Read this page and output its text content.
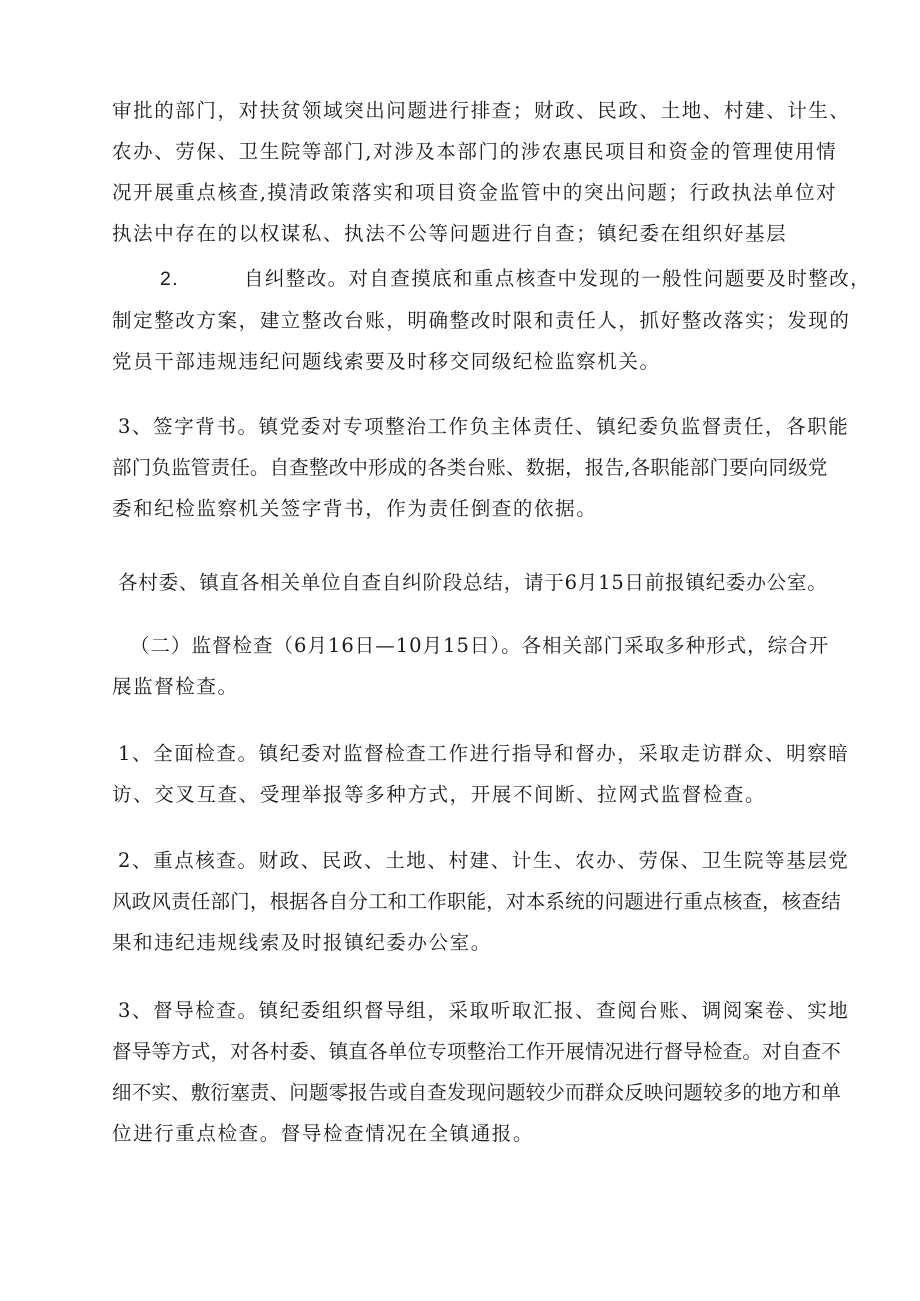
审批的部门，对扶贫领域突出问题进行排查；财政、民政、土地、村建、计生、
农办、劳保、卫生院等部门,对涉及本部门的涉农惠民项目和资金的管理使用情
况开展重点核查,摸清政策落实和项目资金监管中的突出问题；行政执法单位对
执法中存在的以权谋私、执法不公等问题进行自查；镇纪委在组织好基层
2.	自纠整改。对自查摸底和重点核查中发现的一般性问题要及时整改，
制定整改方案，建立整改台账，明确整改时限和责任人，抓好整改落实；发现的
党员干部违规违纪问题线索要及时移交同级纪检监察机关。
3、签字背书。镇党委对专项整治工作负主体责任、镇纪委负监督责任，各职能
部门负监管责任。自查整改中形成的各类台账、数据，报告,各职能部门要向同级党
委和纪检监察机关签字背书，作为责任倒查的依据。
各村委、镇直各相关单位自查自纠阶段总结，请于6月15日前报镇纪委办公室。
（二）监督检查（6月16日—10月15日）。各相关部门采取多种形式，综合开
展监督检查。
1、全面检查。镇纪委对监督检查工作进行指导和督办，采取走访群众、明察暗
访、交叉互查、受理举报等多种方式，开展不间断、拉网式监督检查。
2、重点核查。财政、民政、土地、村建、计生、农办、劳保、卫生院等基层党
风政风责任部门，根据各自分工和工作职能，对本系统的问题进行重点核查，核查结
果和违纪违规线索及时报镇纪委办公室。
3、督导检查。镇纪委组织督导组，采取听取汇报、查阅台账、调阅案卷、实地
督导等方式，对各村委、镇直各单位专项整治工作开展情况进行督导检查。对自查不
细不实、敷衍塞责、问题零报告或自查发现问题较少而群众反映问题较多的地方和单
位进行重点检查。督导检查情况在全镇通报。
